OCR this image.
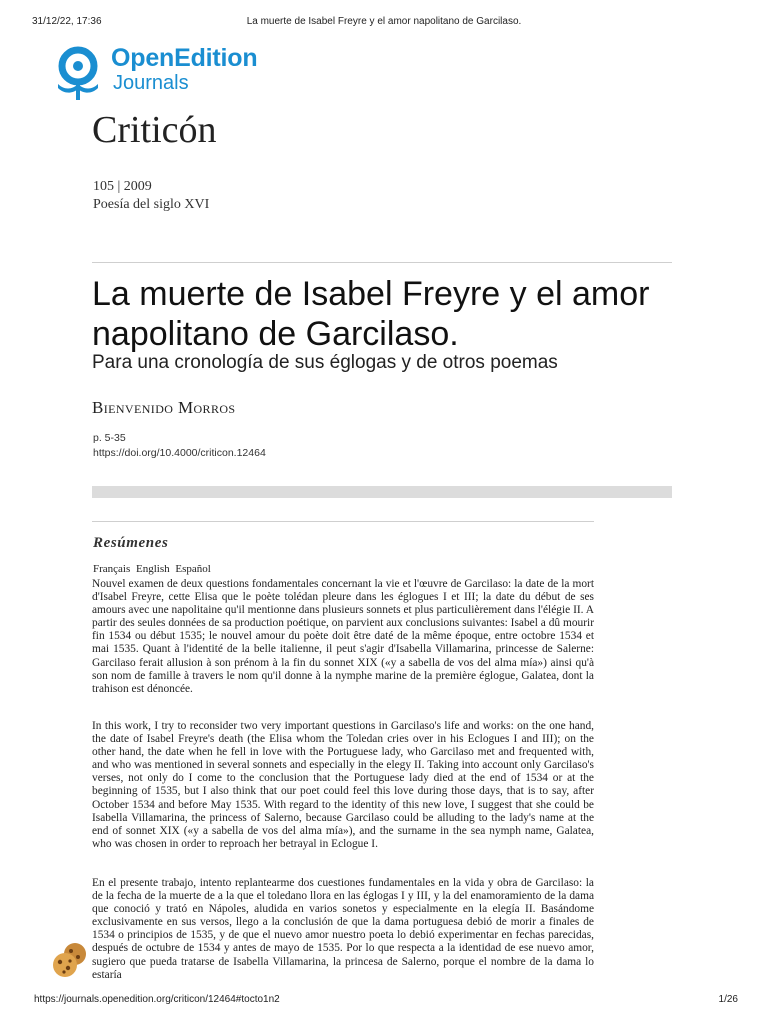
31/12/22, 17:36	La muerte de Isabel Freyre y el amor napolitano de Garcilaso.
OpenEdition
Journals
Criticón
105 | 2009
Poesía del siglo XVI
La muerte de Isabel Freyre y el amor napolitano de Garcilaso.
Para una cronología de sus églogas y de otros poemas
Bienvenido Morros
p. 5-35
https://doi.org/10.4000/criticon.12464
Resúmenes
Français English Español

Nouvel examen de deux questions fondamentales concernant la vie et l'œuvre de Garcilaso: la date de la mort d'Isabel Freyre, cette Elisa que le poète tolédan pleure dans les églogues I et III; la date du début de ses amours avec une napolitaine qu'il mentionne dans plusieurs sonnets et plus particulièrement dans l'élégie II. A partir des seules données de sa production poétique, on parvient aux conclusions suivantes: Isabel a dû mourir fin 1534 ou début 1535; le nouvel amour du poète doit être daté de la même époque, entre octobre 1534 et mai 1535. Quant à l'identité de la belle italienne, il peut s'agir d'Isabella Villamarina, princesse de Salerne: Garcilaso ferait allusion à son prénom à la fin du sonnet XIX («y a sabella de vos del alma mía») ainsi qu'à son nom de famille à travers le nom qu'il donne à la nymphe marine de la première églogue, Galatea, dont la trahison est dénoncée.

In this work, I try to reconsider two very important questions in Garcilaso's life and works: on the one hand, the date of Isabel Freyre's death (the Elisa whom the Toledan cries over in his Eclogues I and III); on the other hand, the date when he fell in love with the Portuguese lady, who Garcilaso met and frequented with, and who was mentioned in several sonnets and especially in the elegy II. Taking into account only Garcilaso's verses, not only do I come to the conclusion that the Portuguese lady died at the end of 1534 or at the beginning of 1535, but I also think that our poet could feel this love during those days, that is to say, after October 1534 and before May 1535. With regard to the identity of this new love, I suggest that she could be Isabella Villamarina, the princess of Salerno, because Garcilaso could be alluding to the lady's name at the end of sonnet XIX («y a sabella de vos del alma mía»), and the surname in the sea nymph name, Galatea, who was chosen in order to reproach her betrayal in Eclogue I.

En el presente trabajo, intento replantearme dos cuestiones fundamentales en la vida y obra de Garcilaso: la de la fecha de la muerte de a la que el toledano llora en las églogas I y III, y la del enamoramiento de la dama que conoció y trató en Nápoles, aludida en varios sonetos y especialmente en la elegía II. Basándome exclusivamente en sus versos, llego a la conclusión de que la dama portuguesa debió de morir a finales de 1534 o principios de 1535, y de que el nuevo amor nuestro poeta lo debió experimentar en fechas parecidas, después de octubre de 1534 y antes de mayo de 1535. Por lo que respecta a la identidad de ese nuevo amor, sugiero que pueda tratarse de Isabella Villamarina, la princesa de Salerno, porque el nombre de la dama lo estaría

https://journals.openedition.org/criticon/12464#tocto1n2	1/26
